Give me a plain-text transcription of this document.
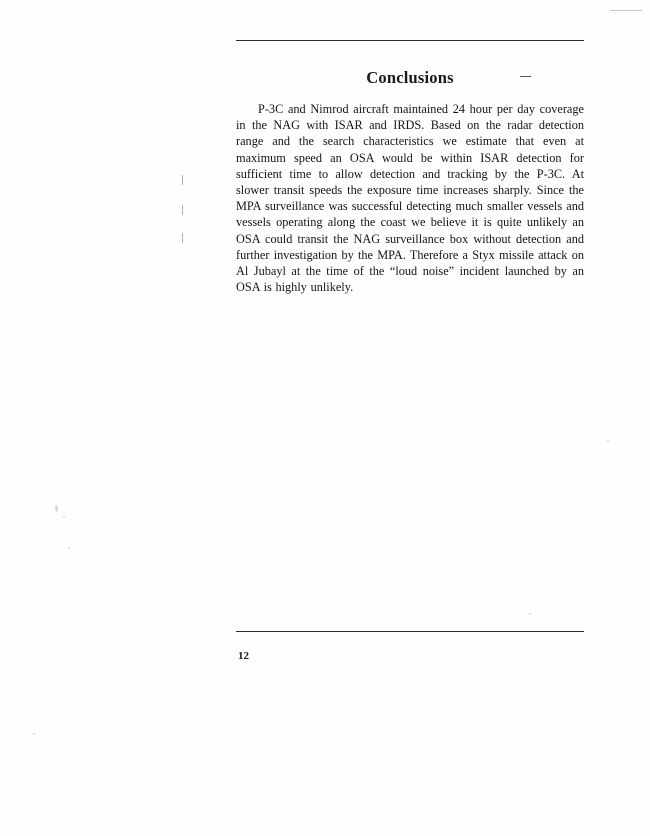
Conclusions
P-3C and Nimrod aircraft maintained 24 hour per day coverage in the NAG with ISAR and IRDS. Based on the radar detection range and the search characteristics we estimate that even at maximum speed an OSA would be within ISAR detection for sufficient time to allow detection and tracking by the P-3C. At slower transit speeds the exposure time increases sharply. Since the MPA surveillance was successful detecting much smaller vessels and vessels operating along the coast we believe it is quite unlikely an OSA could transit the NAG surveillance box without detection and further investigation by the MPA. Therefore a Styx missile attack on Al Jubayl at the time of the “loud noise” incident launched by an OSA is highly unlikely.
12
